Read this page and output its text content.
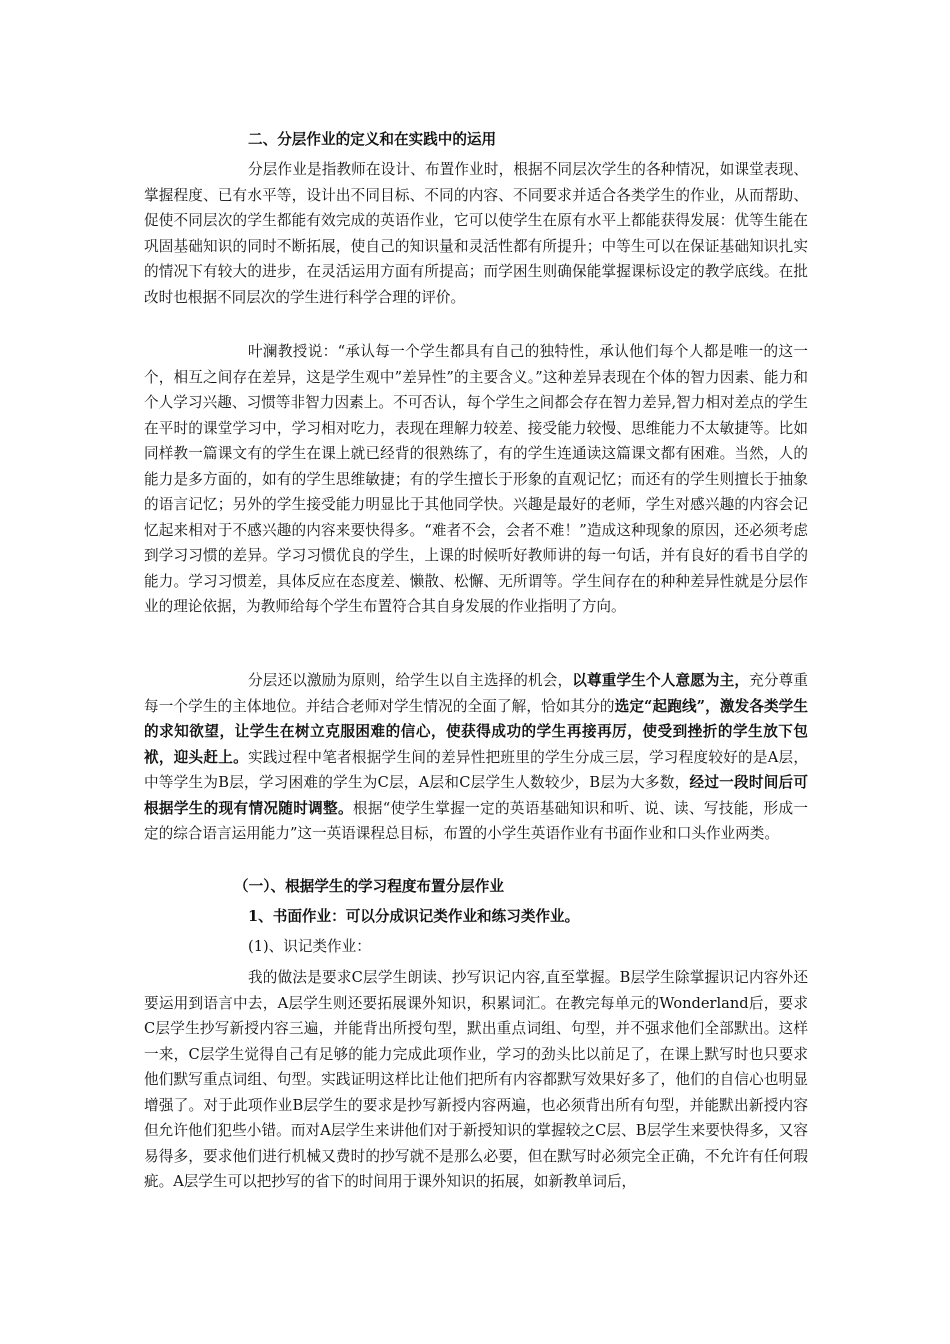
二、分层作业的定义和在实践中的运用
分层作业是指教师在设计、布置作业时，根据不同层次学生的各种情况，如课堂表现、掌握程度、已有水平等，设计出不同目标、不同的内容、不同要求并适合各类学生的作业，从而帮助、促使不同层次的学生都能有效完成的英语作业，它可以使学生在原有水平上都能获得发展：优等生能在巩固基础知识的同时不断拓展，使自己的知识量和灵活性都有所提升；中等生可以在保证基础知识扎实的情况下有较大的进步，在灵活运用方面有所提高；而学困生则确保能掌握课标设定的教学底线。在批改时也根据不同层次的学生进行科学合理的评价。
叶澜教授说：“承认每一个学生都具有自己的独特性，承认他们每个人都是唯一的这一个，相互之间存在差异，这是学生观中”差异性”的主要含义。”这种差异表现在个体的智力因素、能力和个人学习兴趣、习惯等非智力因素上。不可否认，每个学生之间都会存在智力差异,智力相对差点的学生在平时的课堂学习中，学习相对吃力，表现在理解力较差、接受能力较慢、思维能力不太敏捷等。比如同样教一篇课文有的学生在课上就已经背的很熟练了，有的学生连通读这篇课文都有困难。当然，人的能力是多方面的，如有的学生思维敏捷；有的学生擅长于形象的直观记忆；而还有的学生则擅长于抽象的语言记忆；另外的学生接受能力明显比于其他同学快。兴趣是最好的老师，学生对感兴趣的内容会记忆起来相对于不感兴趣的内容来要快得多。“难者不会，会者不难！”造成这种现象的原因，还必须考虑到学习习惯的差异。学习习惯优良的学生，上课的时候听好教师讲的每一句话，并有良好的看书自学的能力。学习习惯差，具体反应在态度差、懒散、松懈、无所谓等。学生间存在的种种差异性就是分层作业的理论依据，为教师给每个学生布置符合其自身发展的作业指明了方向。
分层还以激励为原则，给学生以自主选择的机会，以尊重学生个人意愿为主，充分尊重每一个学生的主体地位。并结合老师对学生情况的全面了解，恰如其分的选定“起跑线”，激发各类学生的求知欲望，让学生在树立克服困难的信心，使获得成功的学生再接再厉，使受到挫折的学生放下包袱，迎头赶上。实践过程中笔者根据学生间的差异性把班里的学生分成三层，学习程度较好的是A层，中等学生为B层，学习困难的学生为C层，A层和C层学生人数较少，B层为大多数，经过一段时间后可根据学生的现有情况随时调整。根据“使学生掌握一定的英语基础知识和听、说、读、写技能，形成一定的综合语言运用能力”这一英语课程总目标，布置的小学生英语作业有书面作业和口头作业两类。
（一）、根据学生的学习程度布置分层作业
1、书面作业：可以分成识记类作业和练习类作业。
(1)、识记类作业：
我的做法是要求C层学生朗读、抄写识记内容,直至掌握。B层学生除掌握识记内容外还要运用到语言中去，A层学生则还要拓展课外知识，积累词汇。在教完每单元的Wonderland后，要求C层学生抄写新授内容三遍，并能背出所授句型，默出重点词组、句型，并不强求他们全部默出。这样一来，C层学生觉得自己有足够的能力完成此项作业，学习的劲头比以前足了，在课上默写时也只要求他们默写重点词组、句型。实践证明这样比让他们把所有内容都默写效果好多了，他们的自信心也明显增强了。对于此项作业B层学生的要求是抄写新授内容两遍，也必须背出所有句型，并能默出新授内容但允许他们犯些小错。而对A层学生来讲他们对于新授知识的掌握较之C层、B层学生来要快得多，又容易得多，要求他们进行机械又费时的抄写就不是那么必要，但在默写时必须完全正确，不允许有任何瑕疵。A层学生可以把抄写的省下的时间用于课外知识的拓展，如新教单词后，
